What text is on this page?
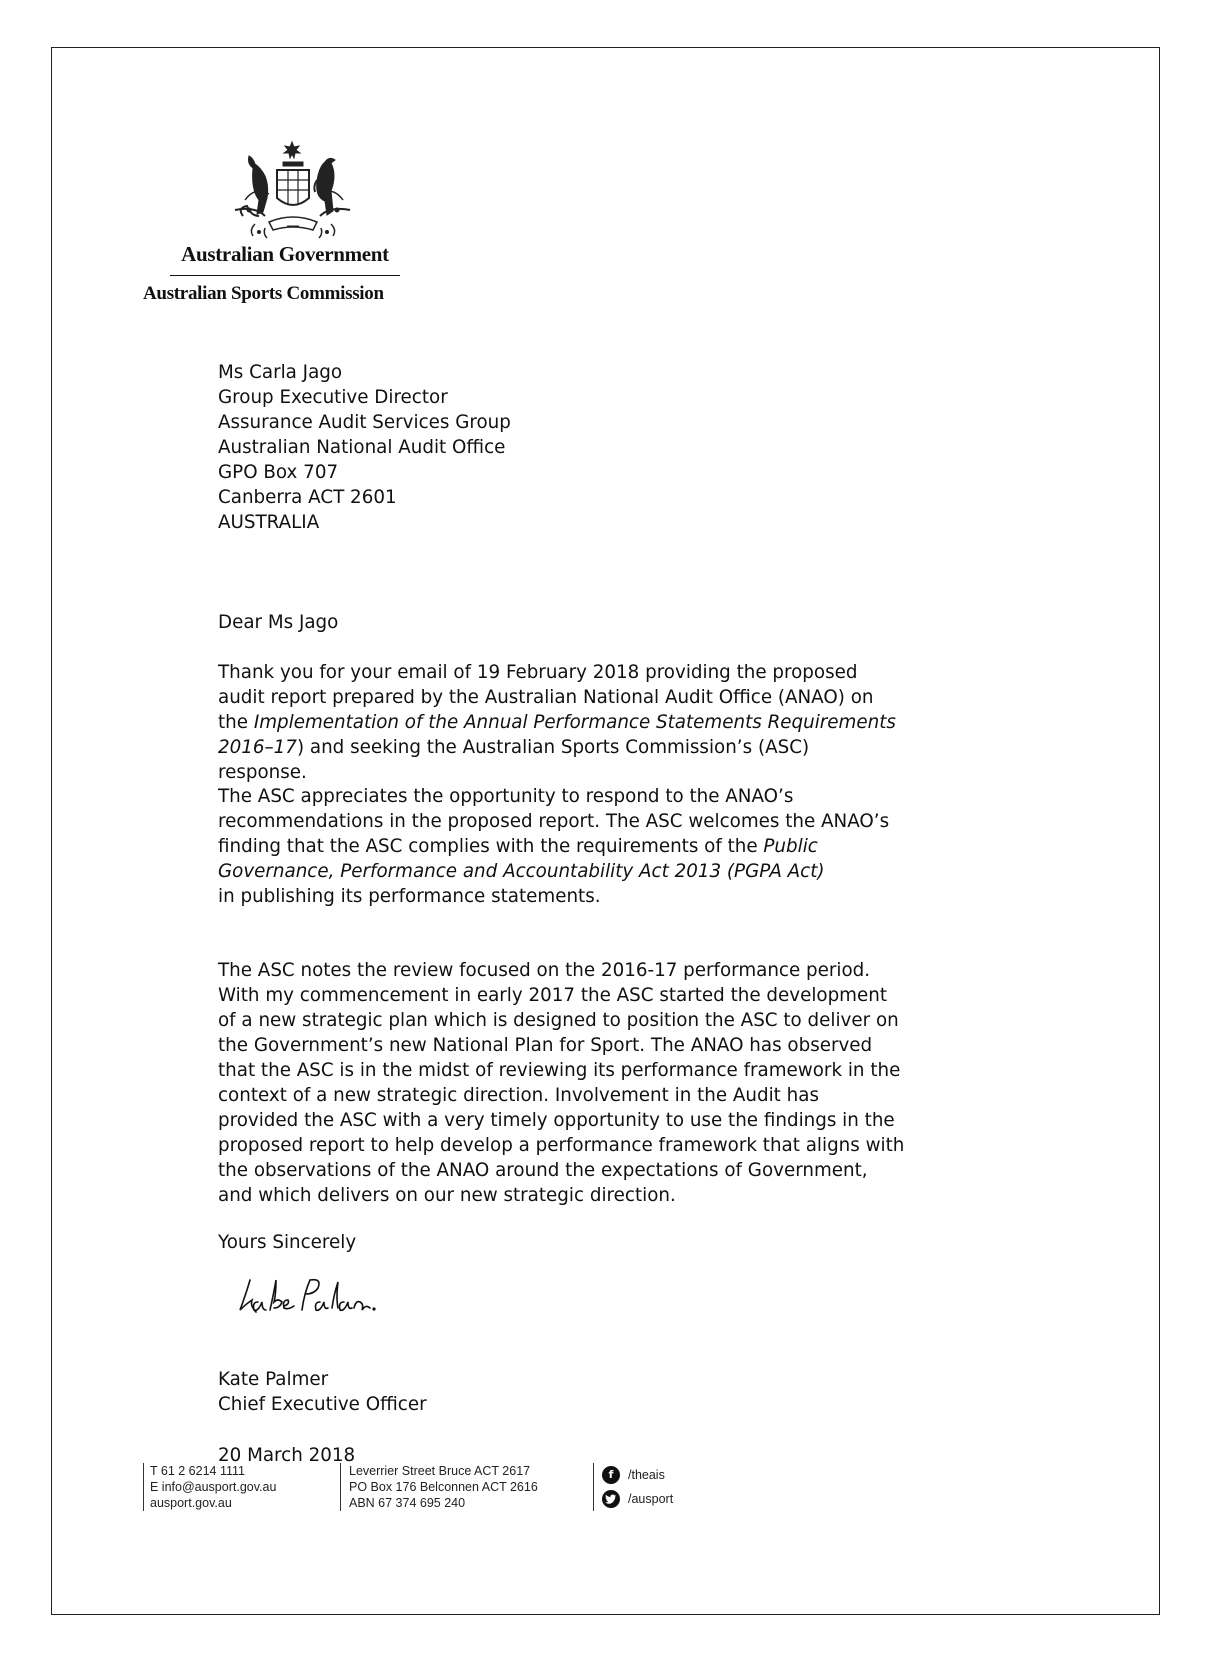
Australian Government
Australian Sports Commission
Ms Carla Jago
Group Executive Director
Assurance Audit Services Group
Australian National Audit Office
GPO Box 707
Canberra ACT 2601
AUSTRALIA
Dear Ms Jago
Thank you for your email of 19 February 2018 providing the proposed
audit report prepared by the Australian National Audit Office (ANAO) on
the Implementation of the Annual Performance Statements Requirements
2016–17) and seeking the Australian Sports Commission’s (ASC)
response.
The ASC appreciates the opportunity to respond to the ANAO’s
recommendations in the proposed report. The ASC welcomes the ANAO’s
finding that the ASC complies with the requirements of the Public
Governance, Performance and Accountability Act 2013 (PGPA Act)
in publishing its performance statements.
The ASC notes the review focused on the 2016-17 performance period.
With my commencement in early 2017 the ASC started the development
of a new strategic plan which is designed to position the ASC to deliver on
the Government’s new National Plan for Sport. The ANAO has observed
that the ASC is in the midst of reviewing its performance framework in the
context of a new strategic direction. Involvement in the Audit has
provided the ASC with a very timely opportunity to use the findings in the
proposed report to help develop a performance framework that aligns with
the observations of the ANAO around the expectations of Government,
and which delivers on our new strategic direction.
Yours Sincerely
Kate Palmer
Chief Executive Officer
20 March 2018
T 61 2 6214 1111
E info@ausport.gov.au
ausport.gov.au
Leverrier Street Bruce ACT 2617
PO Box 176 Belconnen ACT 2616
ABN 67 374 695 240
f	/theais
/ausport
